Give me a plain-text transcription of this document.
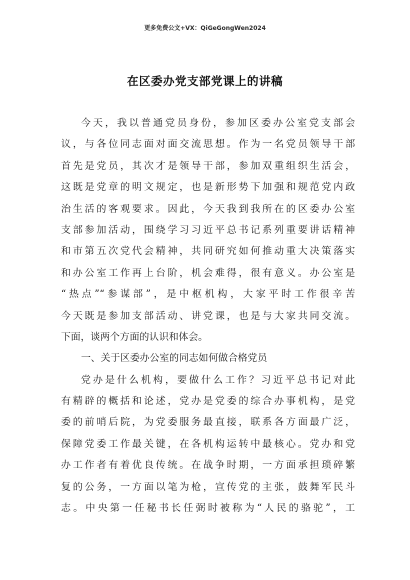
更多免费公文+VX：QiGeGongWen2024
在区委办党支部党课上的讲稿
今天，我以普通党员身份，参加区委办公室党支部会
议，与各位同志面对面交流思想。作为一名党员领导干部
首先是党员，其次才是领导干部，参加双重组织生活会，
这既是党章的明文规定，也是新形势下加强和规范党内政
治生活的客观要求。因此，今天我到我所在的区委办公室
支部参加活动，围绕学习习近平总书记系列重要讲话精神
和市第五次党代会精神，共同研究如何推动重大决策落实
和办公室工作再上台阶，机会难得，很有意义。办公室是
“热点”“参谋部”，是中枢机构，大家平时工作很辛苦
今天既是参加支部活动、讲党课，也是与大家共同交流。
下面，谈两个方面的认识和体会。
一、关于区委办公室的同志如何做合格党员
党办是什么机构，要做什么工作？习近平总书记对此
有精辟的概括和论述，党办是党委的综合办事机构，是党
委的前哨后院，为党委服务最直接，联系各方面最广泛，
保障党委工作最关键，在各机构运转中最核心。党办和党
办工作者有着优良传统。在战争时期，一方面承担琐碎繁
复的公务，一方面以笔为枪，宣传党的主张，鼓舞军民斗
志。中央第一任秘书长任弼时被称为“人民的骆驼”，工
